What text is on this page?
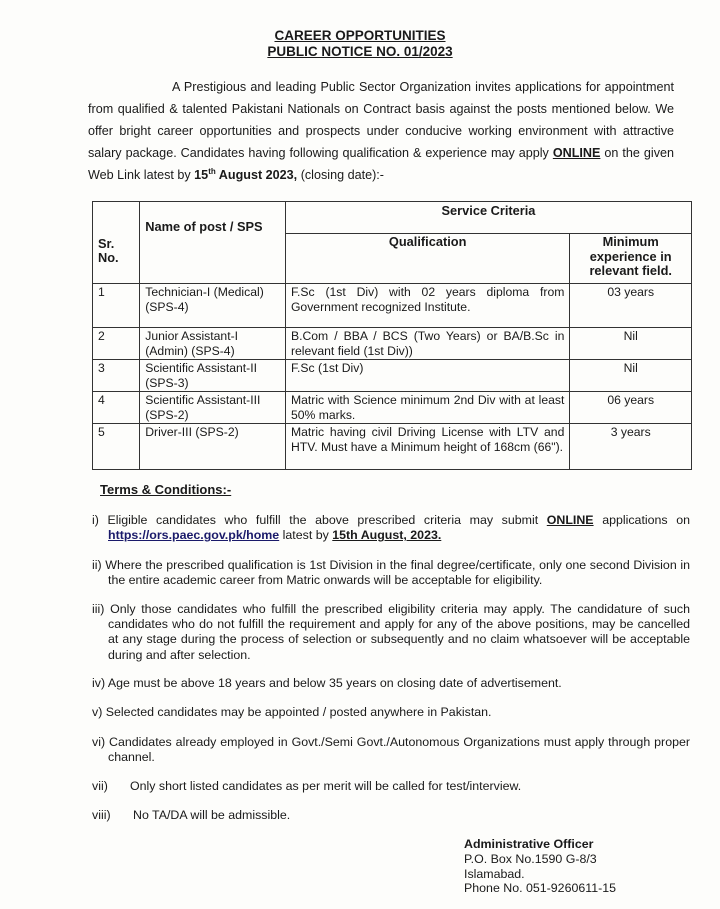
CAREER OPPORTUNITIES
PUBLIC NOTICE NO. 01/2023
A Prestigious and leading Public Sector Organization invites applications for appointment from qualified & talented Pakistani Nationals on Contract basis against the posts mentioned below. We offer bright career opportunities and prospects under conducive working environment with attractive salary package. Candidates having following qualification & experience may apply ONLINE on the given Web Link latest by 15th August 2023, (closing date):-
Sr. No.	Name of post / SPS	Service Criteria	
		Qualification	Minimum experience in relevant field.
1	Technician-I (Medical) (SPS-4)	F.Sc (1st Div) with 02 years diploma from Government recognized Institute.	03 years
2	Junior Assistant-I (Admin) (SPS-4)	B.Com / BBA / BCS (Two Years) or BA/B.Sc in relevant field (1st Div))	Nil
3	Scientific Assistant-II (SPS-3)	F.Sc (1st Div)	Nil
4	Scientific Assistant-III (SPS-2)	Matric with Science minimum 2nd Div with at least 50% marks.	06 years
5	Driver-III (SPS-2)	Matric having civil Driving License with LTV and HTV. Must have a Minimum height of 168cm (66").	3 years
Terms & Conditions:-
i) Eligible candidates who fulfill the above prescribed criteria may submit ONLINE applications on https://ors.paec.gov.pk/home latest by 15th August, 2023.
ii) Where the prescribed qualification is 1st Division in the final degree/certificate, only one second Division in the entire academic career from Matric onwards will be acceptable for eligibility.
iii) Only those candidates who fulfill the prescribed eligibility criteria may apply. The candidature of such candidates who do not fulfill the requirement and apply for any of the above positions, may be cancelled at any stage during the process of selection or subsequently and no claim whatsoever will be acceptable during and after selection.
iv) Age must be above 18 years and below 35 years on closing date of advertisement.
v) Selected candidates may be appointed / posted anywhere in Pakistan.
vi) Candidates already employed in Govt./Semi Govt./Autonomous Organizations must apply through proper channel.
vii)	Only short listed candidates as per merit will be called for test/interview.
viii)	No TA/DA will be admissible.
Administrative Officer
P.O. Box No.1590 G-8/3
Islamabad.
Phone No. 051-9260611-15
